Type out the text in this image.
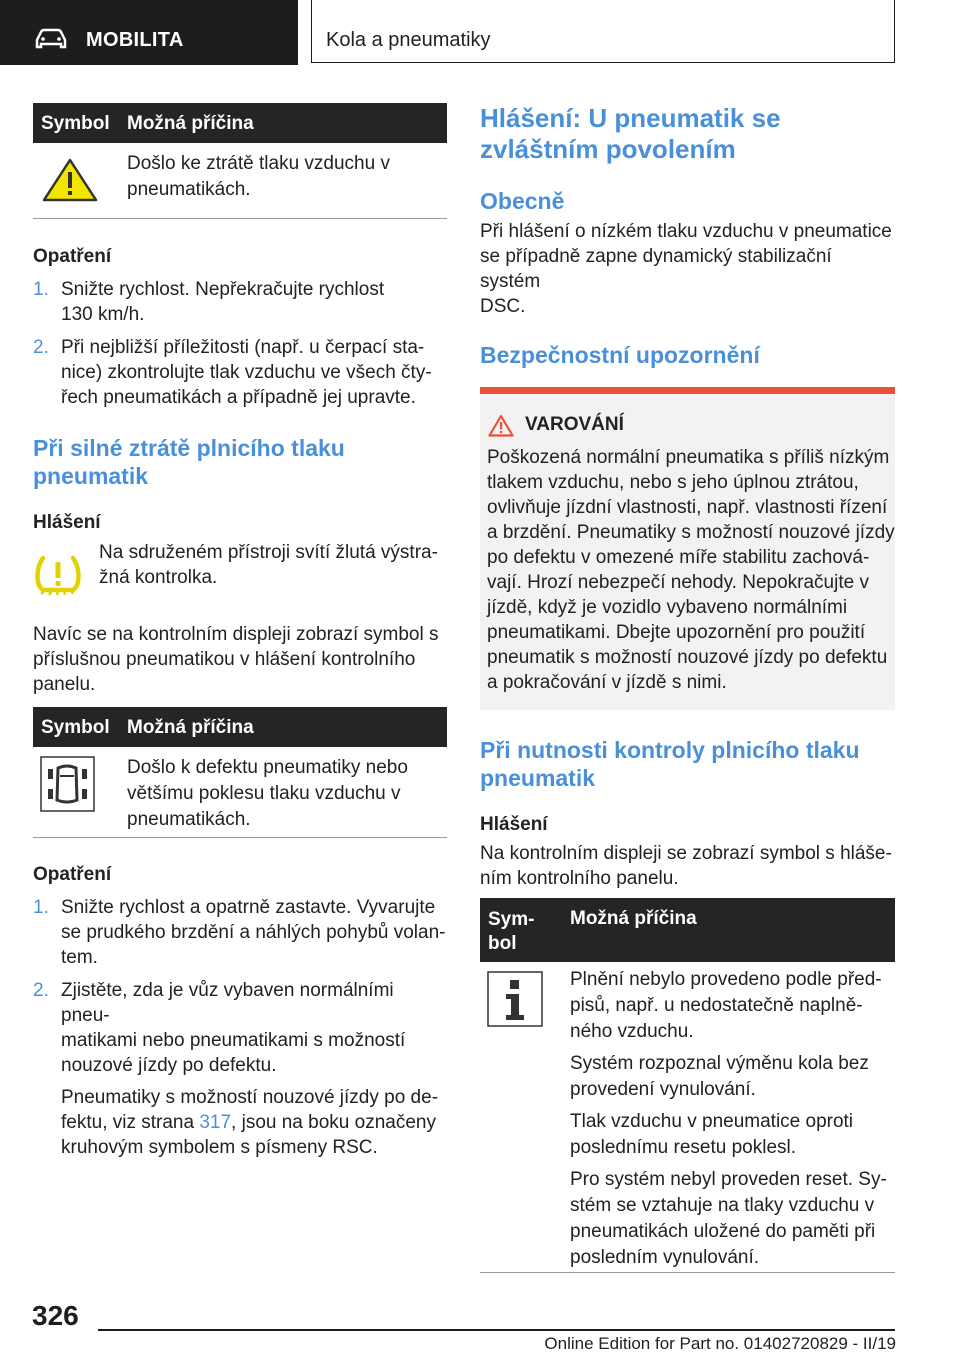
MOBILITA	Kola a pneumatiky
Symbol Možná příčina
Došlo ke ztrátě tlaku vzduchu v
pneumatikách.
Opatření
1. Snižte rychlost. Nepřekračujte rychlost
130 km/h.
2. Při nejbližší příležitosti (např. u čerpací sta-
nice) zkontrolujte tlak vzduchu ve všech čty-
řech pneumatikách a případně jej upravte.
Při silné ztrátě plnicího tlaku
pneumatik
Hlášení
Na sdruženém přístroji svítí žlutá výstra-
žná kontrolka.
Navíc se na kontrolním displeji zobrazí symbol s
příslušnou pneumatikou v hlášení kontrolního
panelu.
Symbol Možná příčina
Došlo k defektu pneumatiky nebo
většímu poklesu tlaku vzduchu v
pneumatikách.
Opatření
1. Snižte rychlost a opatrně zastavte. Vyvarujte
se prudkého brzdění a náhlých pohybů volan-
tem.
2. Zjistěte, zda je vůz vybaven normálními pneu-
matikami nebo pneumatikami s možností
nouzové jízdy po defektu.
Pneumatiky s možností nouzové jízdy po de-
fektu, viz strana 317, jsou na boku označeny
kruhovým symbolem s písmeny RSC.
Hlášení: U pneumatik se
zvláštním povolením
Obecně
Při hlášení o nízkém tlaku vzduchu v pneumatice
se případně zapne dynamický stabilizační systém
DSC.
Bezpečnostní upozornění
VAROVÁNÍ
Poškozená normální pneumatika s příliš nízkým
tlakem vzduchu, nebo s jeho úplnou ztrátou,
ovlivňuje jízdní vlastnosti, např. vlastnosti řízení
a brzdění. Pneumatiky s možností nouzové jízdy
po defektu v omezené míře stabilitu zachová-
vají. Hrozí nebezpečí nehody. Nepokračujte v
jízdě, když je vozidlo vybaveno normálními
pneumatikami. Dbejte upozornění pro použití
pneumatik s možností nouzové jízdy po defektu
a pokračování v jízdě s nimi.
Při nutnosti kontroly plnicího tlaku
pneumatik
Hlášení
Na kontrolním displeji se zobrazí symbol s hláše-
ním kontrolního panelu.
Sym-
bol
Možná příčina
Plnění nebylo provedeno podle před-
pisů, např. u nedostatečně naplně-
ného vzduchu.
Systém rozpoznal výměnu kola bez
provedení vynulování.
Tlak vzduchu v pneumatice oproti
poslednímu resetu poklesl.
Pro systém nebyl proveden reset. Sy-
stém se vztahuje na tlaky vzduchu v
pneumatikách uložené do paměti při
posledním vynulování.
326
Online Edition for Part no. 01402720829 - II/19
